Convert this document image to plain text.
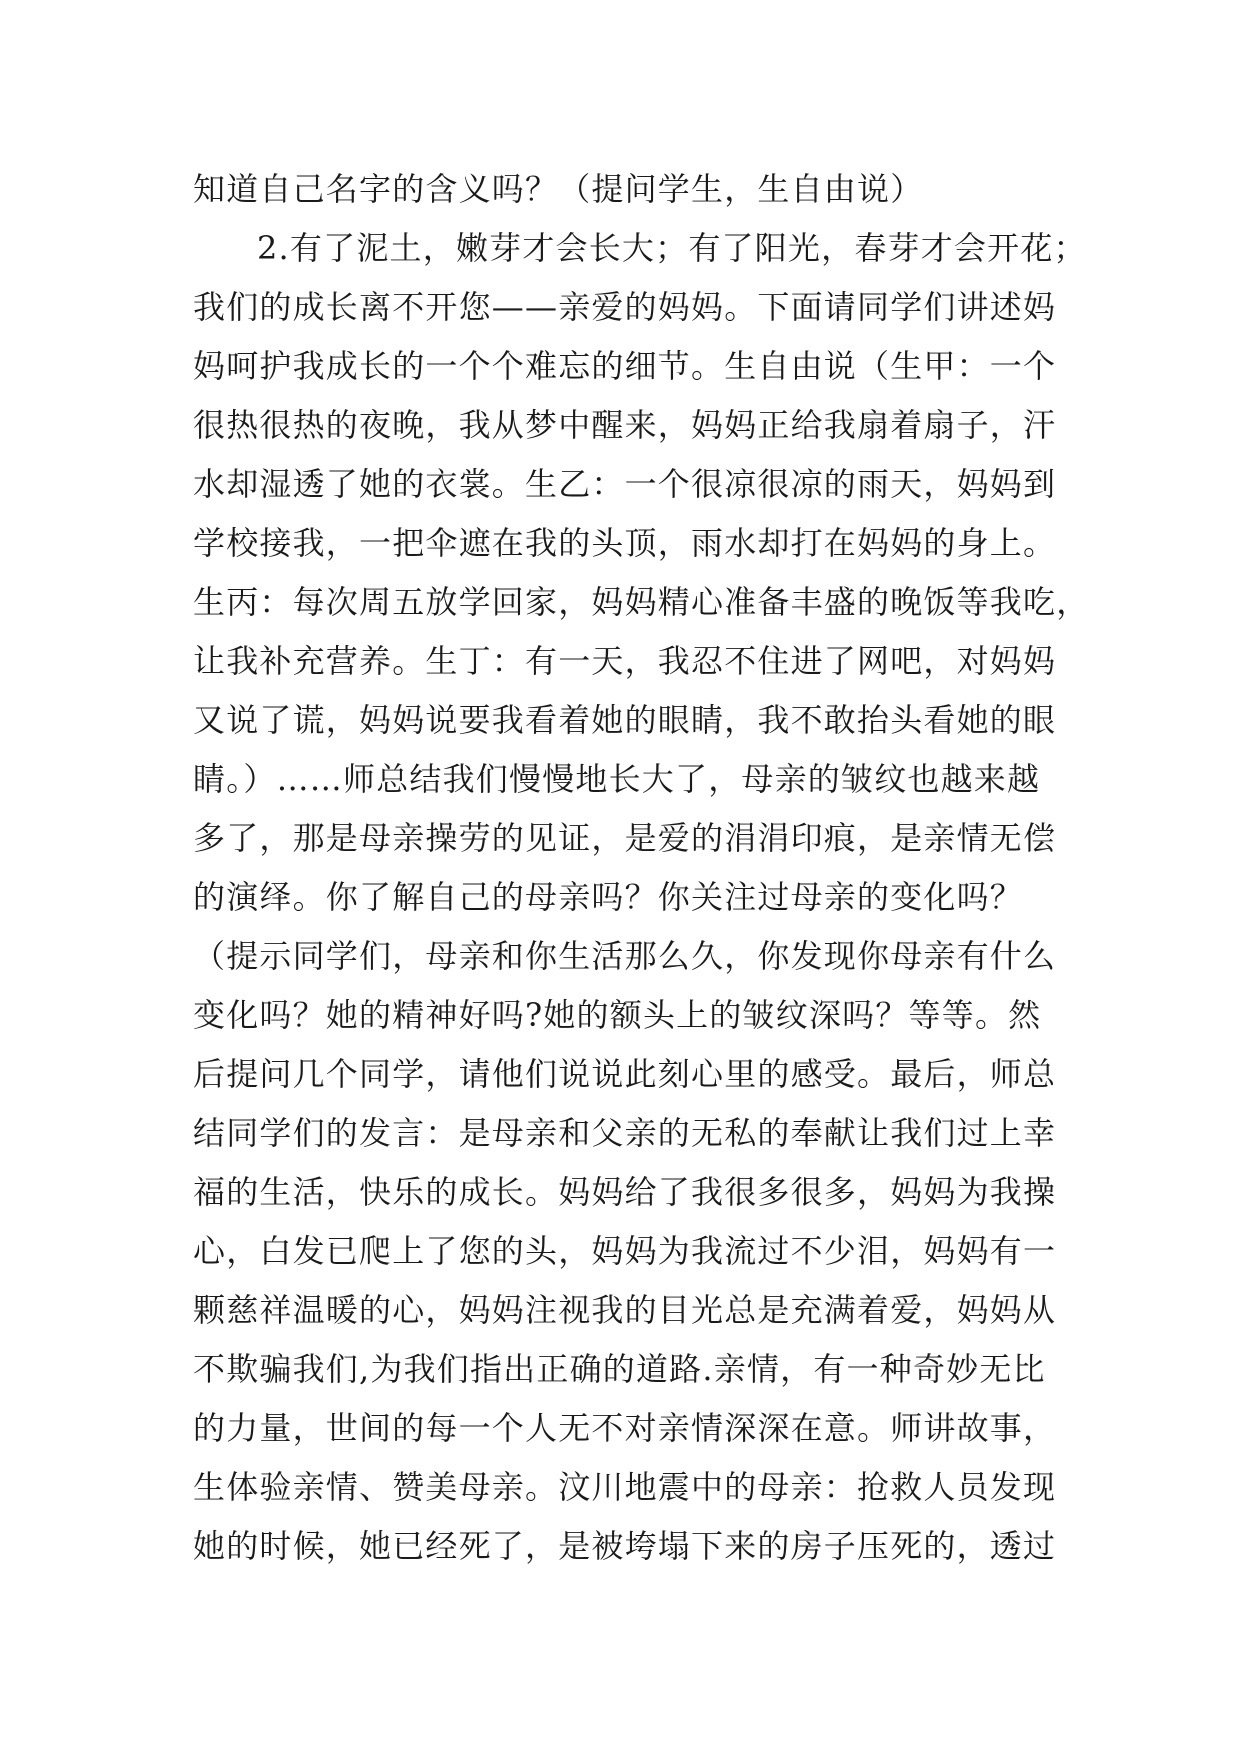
知道自己名字的含义吗？（提问学生，生自由说）
2.有了泥土，嫩芽才会长大；有了阳光，春芽才会开花；
我们的成长离不开您——亲爱的妈妈。下面请同学们讲述妈
妈呵护我成长的一个个难忘的细节。生自由说（生甲：一个
很热很热的夜晚，我从梦中醒来，妈妈正给我扇着扇子，汗
水却湿透了她的衣裳。生乙：一个很凉很凉的雨天，妈妈到
学校接我，一把伞遮在我的头顶，雨水却打在妈妈的身上。
生丙：每次周五放学回家，妈妈精心准备丰盛的晚饭等我吃，
让我补充营养。生丁：有一天，我忍不住进了网吧，对妈妈
又说了谎，妈妈说要我看着她的眼睛，我不敢抬头看她的眼
睛。）……师总结我们慢慢地长大了，母亲的皱纹也越来越
多了，那是母亲操劳的见证，是爱的涓涓印痕，是亲情无偿
的演绎。你了解自己的母亲吗？你关注过母亲的变化吗？
（提示同学们，母亲和你生活那么久，你发现你母亲有什么
变化吗？她的精神好吗?她的额头上的皱纹深吗？等等。然
后提问几个同学，请他们说说此刻心里的感受。最后，师总
结同学们的发言：是母亲和父亲的无私的奉献让我们过上幸
福的生活，快乐的成长。妈妈给了我很多很多，妈妈为我操
心，白发已爬上了您的头，妈妈为我流过不少泪，妈妈有一
颗慈祥温暖的心，妈妈注视我的目光总是充满着爱，妈妈从
不欺骗我们,为我们指出正确的道路.亲情，有一种奇妙无比
的力量，世间的每一个人无不对亲情深深在意。师讲故事，
生体验亲情、赞美母亲。汶川地震中的母亲：抢救人员发现
她的时候，她已经死了，是被垮塌下来的房子压死的，透过
